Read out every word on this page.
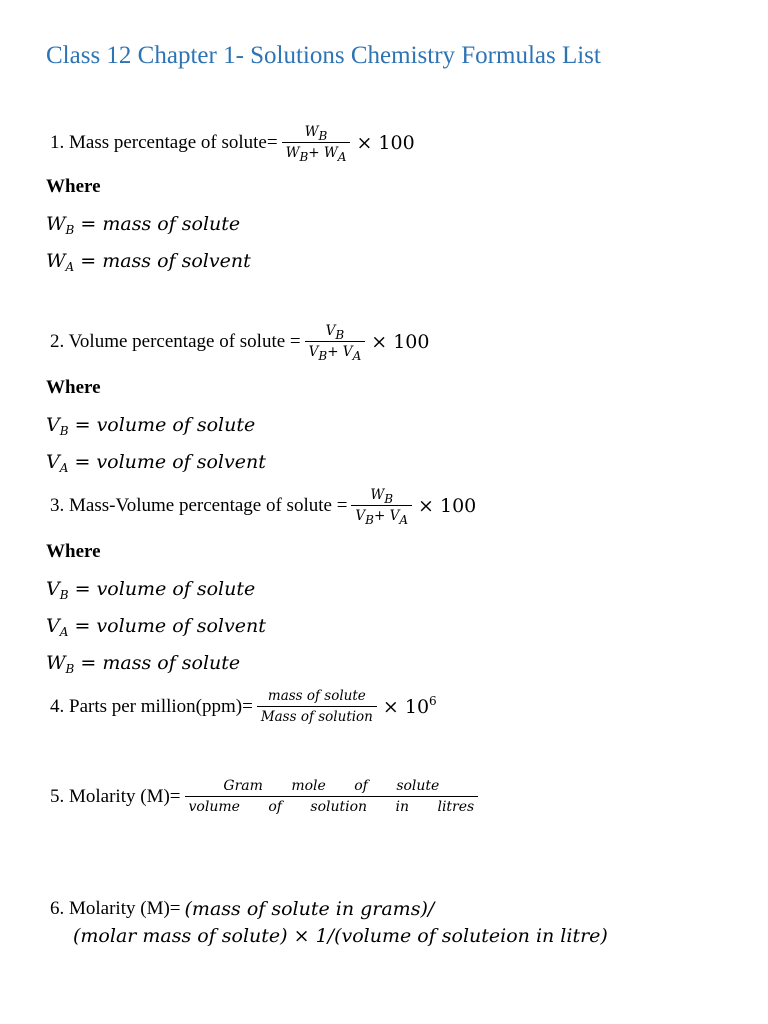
Class 12 Chapter 1- Solutions Chemistry Formulas List
1. Mass percentage of solute= $\frac{W_B}{W_B+ W_A} \times 100$
Where
$W_B$ = mass of solute
$W_A$ = mass of solvent
2. Volume percentage of solute = $\frac{V_B}{V_B+ V_A} \times 100$
Where
$V_B$ = volume of solute
$V_A$ = volume of solvent
3. Mass-Volume percentage of solute = $\frac{W_B}{V_B+ V_A} \times 100$
Where
$V_B$ = volume of solute
$V_A$ = volume of solvent
$W_B$ = mass of solute
4. Parts per million(ppm)= $\frac{\text{mass of solute}}{\text{Mass of solution}} \times 10^6$
5. Molarity $(M)= \frac{\text{Gram mole of solute}}{\text{volume of solution in litres}}$
6. Molarity (M)= (mass of solute in grams)/
(molar mass of solute) × 1/(volume of soluteion in litre)
